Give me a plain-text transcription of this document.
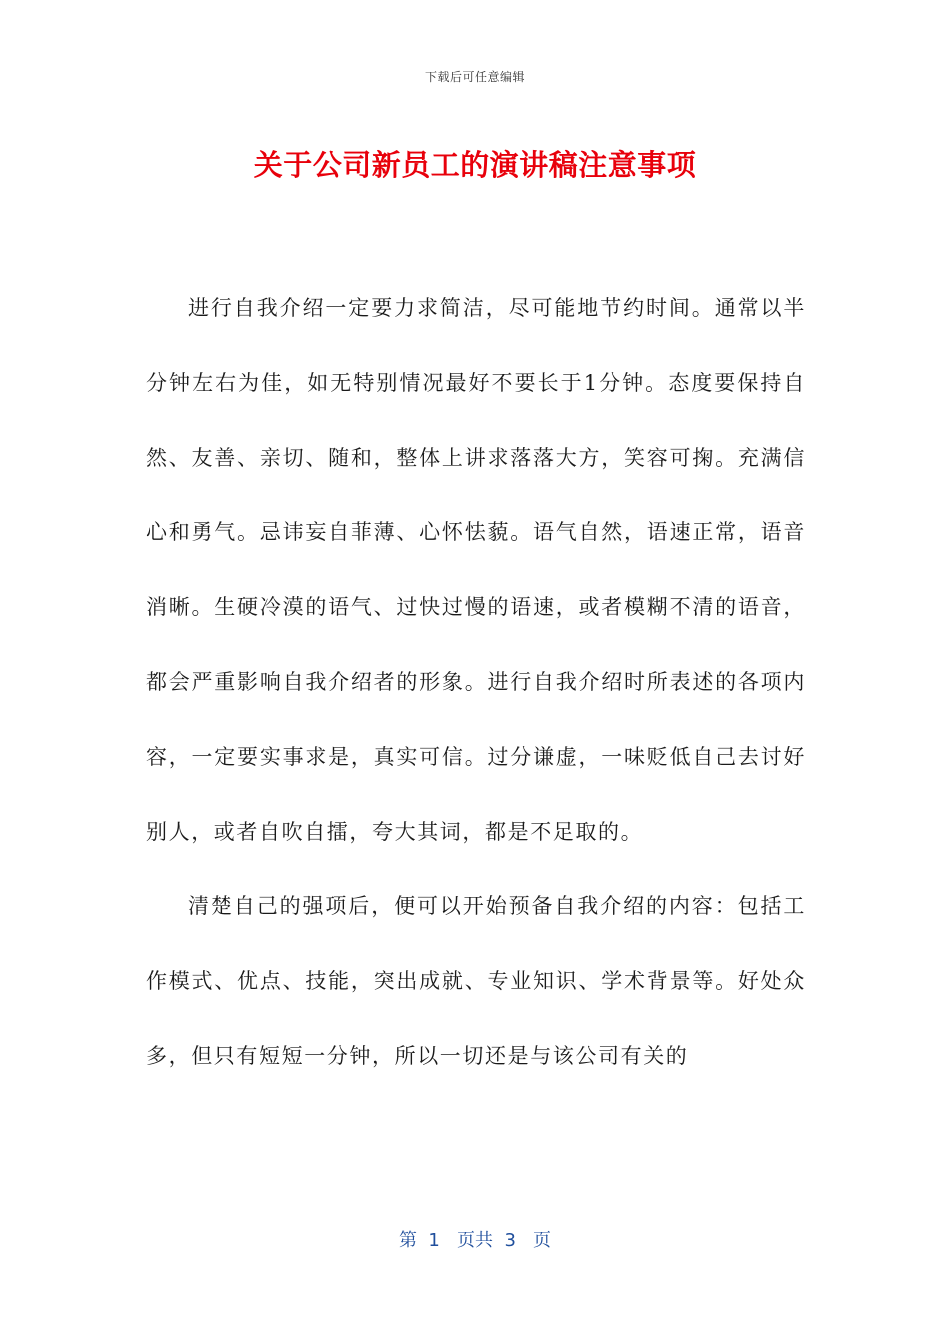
下载后可任意编辑
关于公司新员工的演讲稿注意事项

进行自我介绍一定要力求简洁，尽可能地节约时间。通常以半分钟左右为佳，如无特别情况最好不要长于1分钟。态度要保持自然、友善、亲切、随和，整体上讲求落落大方，笑容可掬。充满信心和勇气。忌讳妄自菲薄、心怀怯藐。语气自然，语速正常，语音消晰。生硬冷漠的语气、过快过慢的语速，或者模糊不清的语音，都会严重影响自我介绍者的形象。进行自我介绍时所表述的各项内容，一定要实事求是，真实可信。过分谦虚，一味贬低自己去讨好别人，或者自吹自擂，夸大其词，都是不足取的。

清楚自己的强项后，便可以开始预备自我介绍的内容：包括工作模式、优点、技能，突出成就、专业知识、学术背景等。好处众多，但只有短短一分钟，所以一切还是与该公司有关的

第  1   页共  3   页
